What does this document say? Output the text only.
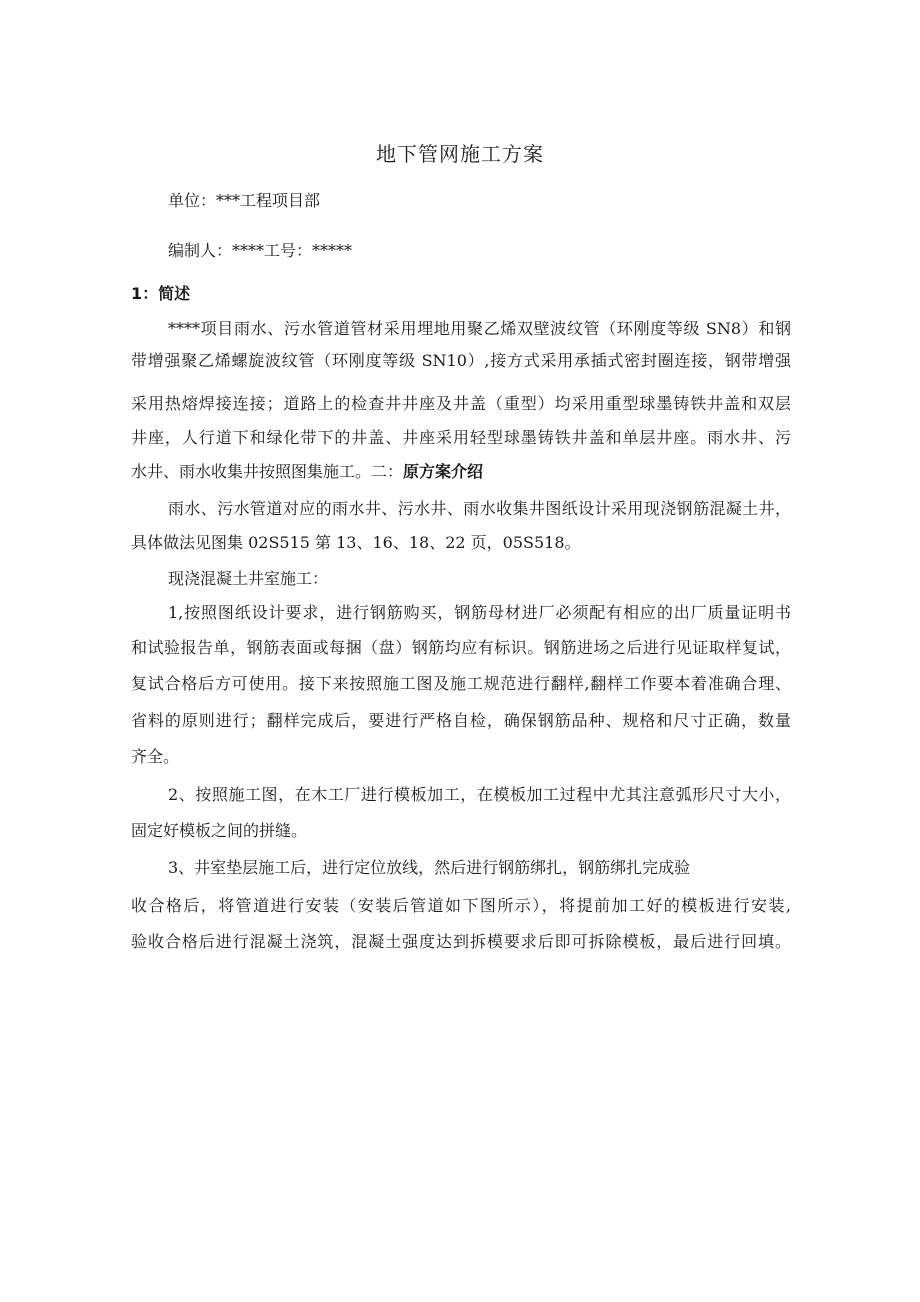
地下管网施工方案
单位：***工程项目部
编制人：****工号：*****
1：简述
****项目雨水、污水管道管材采用埋地用聚乙烯双壁波纹管（环刚度等级 SN8）和钢
带增强聚乙烯螺旋波纹管（环刚度等级 SN10）,接方式采用承插式密封圈连接，钢带增强
采用热熔焊接连接；道路上的检查井井座及井盖（重型）均采用重型球墨铸铁井盖和双层
井座，人行道下和绿化带下的井盖、井座采用轻型球墨铸铁井盖和单层井座。雨水井、污
水井、雨水收集井按照图集施工。二：原方案介绍
雨水、污水管道对应的雨水井、污水井、雨水收集井图纸设计采用现浇钢筋混凝土井，
具体做法见图集 02S515 第 13、16、18、22 页，05S518。
现浇混凝土井室施工：
1,按照图纸设计要求，进行钢筋购买，钢筋母材进厂必须配有相应的出厂质量证明书
和试验报告单，钢筋表面或每捆（盘）钢筋均应有标识。钢筋进场之后进行见证取样复试，
复试合格后方可使用。接下来按照施工图及施工规范进行翻样,翻样工作要本着准确合理、
省料的原则进行；翻样完成后，要进行严格自检，确保钢筋品种、规格和尺寸正确，数量
齐全。
2、按照施工图，在木工厂进行模板加工，在模板加工过程中尤其注意弧形尺寸大小，
固定好模板之间的拼缝。
3、井室垫层施工后，进行定位放线，然后进行钢筋绑扎，钢筋绑扎完成验
收合格后，将管道进行安装（安装后管道如下图所示），将提前加工好的模板进行安装,
验收合格后进行混凝土浇筑，混凝土强度达到拆模要求后即可拆除模板，最后进行回填。
